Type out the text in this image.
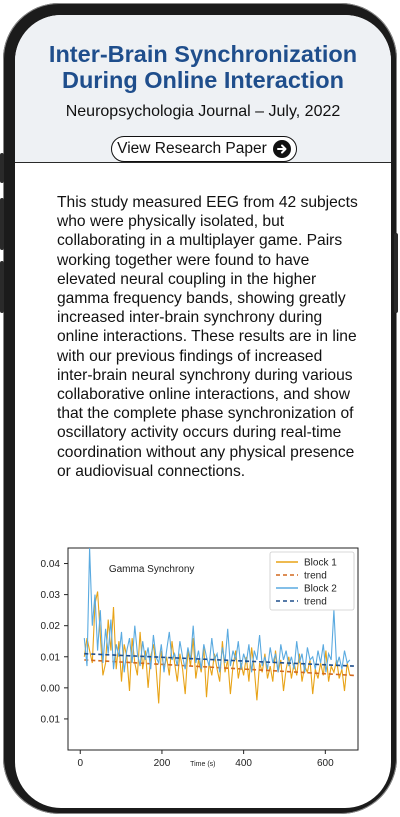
Inter-Brain Synchronization
During Online Interaction
Neuropsychologia Journal – July, 2022
View Research Paper
This study measured EEG from 42 subjects who were physically isolated, but collaborating in a multiplayer game. Pairs working together were found to have elevated neural coupling in the higher gamma frequency bands, showing greatly increased inter-brain synchrony during online interactions. These results are in line with our previous findings of increased inter-brain neural synchrony during various collaborative online interactions, and show that the complete phase synchronization of oscillatory activity occurs during real-time coordination without any physical presence or audiovisual connections.
0.01
0.00
0.01
0.02
0.03
0.04
0	200	400	600
Time (s)
Gamma Synchrony
Block 1
trend
Block 2
trend
